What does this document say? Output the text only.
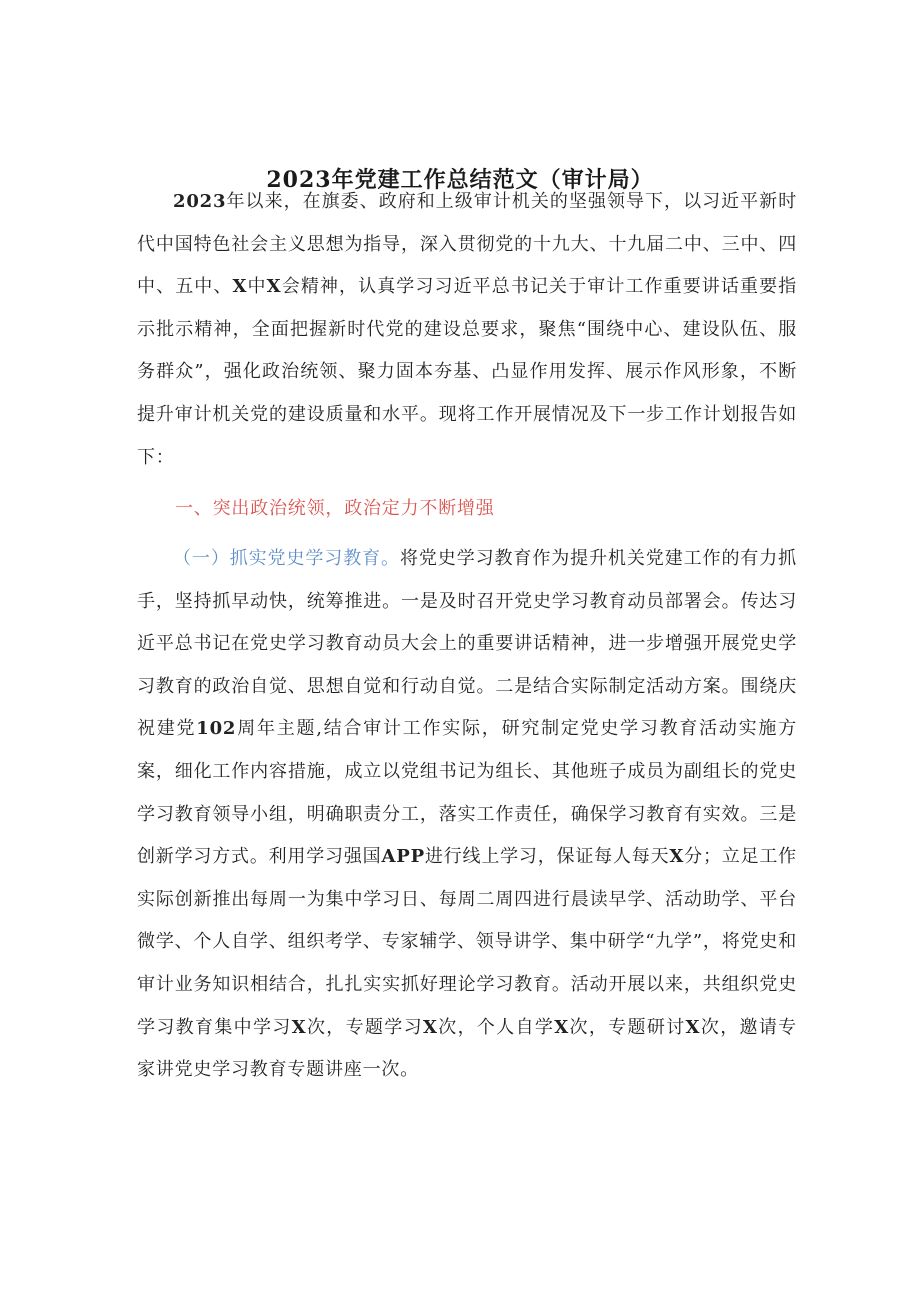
2023年党建工作总结范文（审计局）

2023年以来，在旗委、政府和上级审计机关的坚强领导下，以习近平新时代中国特色社会主义思想为指导，深入贯彻党的十九大、十九届二中、三中、四中、五中、X中X会精神，认真学习习近平总书记关于审计工作重要讲话重要指示批示精神，全面把握新时代党的建设总要求，聚焦“围绕中心、建设队伍、服务群众”，强化政治统领、聚力固本夯基、凸显作用发挥、展示作风形象，不断提升审计机关党的建设质量和水平。现将工作开展情况及下一步工作计划报告如下：

一、突出政治统领，政治定力不断增强

（一）抓实党史学习教育。将党史学习教育作为提升机关党建工作的有力抓手，坚持抓早动快，统筹推进。一是及时召开党史学习教育动员部署会。传达习近平总书记在党史学习教育动员大会上的重要讲话精神，进一步增强开展党史学习教育的政治自觉、思想自觉和行动自觉。二是结合实际制定活动方案。围绕庆祝建党102周年主题,结合审计工作实际，研究制定党史学习教育活动实施方案，细化工作内容措施，成立以党组书记为组长、其他班子成员为副组长的党史学习教育领导小组，明确职责分工，落实工作责任，确保学习教育有实效。三是创新学习方式。利用学习强国APP进行线上学习，保证每人每天X分；立足工作实际创新推出每周一为集中学习日、每周二周四进行晨读早学、活动助学、平台微学、个人自学、组织考学、专家辅学、领导讲学、集中研学“九学”，将党史和审计业务知识相结合，扎扎实实抓好理论学习教育。活动开展以来，共组织党史学习教育集中学习X次，专题学习X次，个人自学X次，专题研讨X次，邀请专家讲党史学习教育专题讲座一次。
